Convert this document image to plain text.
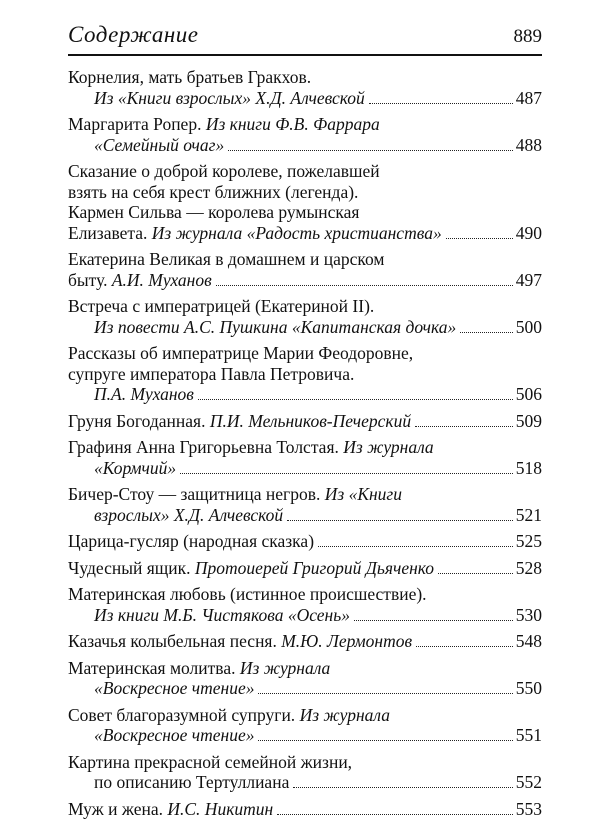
Содержание	889
Корнелия, мать братьев Гракхов.
Из «Книги взрослых» Х.Д. Алчевской	487
Маргарита Ропер. Из книги Ф.В. Фаррара
«Семейный очаг»	488
Сказание о доброй королеве, пожелавшей
взять на себя крест ближних (легенда).
Кармен Сильва — королева румынская
Елизавета. Из журнала «Радость христианства»	490
Екатерина Великая в домашнем и царском
быту. А.И. Муханов	497
Встреча с императрицей (Екатериной II).
Из повести А.С. Пушкина «Капитанская дочка»	500
Рассказы об императрице Марии Феодоровне,
супруге императора Павла Петровича.
П.А. Муханов	506
Груня Богоданная. П.И. Мельников-Печерский	509
Графиня Анна Григорьевна Толстая. Из журнала
«Кормчий»	518
Бичер-Стоу — защитница негров. Из «Книги
взрослых» Х.Д. Алчевской	521
Царица-гусляр (народная сказка)	525
Чудесный ящик. Протоиерей Григорий Дьяченко	528
Материнская любовь (истинное происшествие).
Из книги М.Б. Чистякова «Осень»	530
Казачья колыбельная песня. М.Ю. Лермонтов	548
Материнская молитва. Из журнала
«Воскресное чтение»	550
Совет благоразумной супруги. Из журнала
«Воскресное чтение»	551
Картина прекрасной семейной жизни,
по описанию Тертуллиана	552
Муж и жена. И.С. Никитин	553
